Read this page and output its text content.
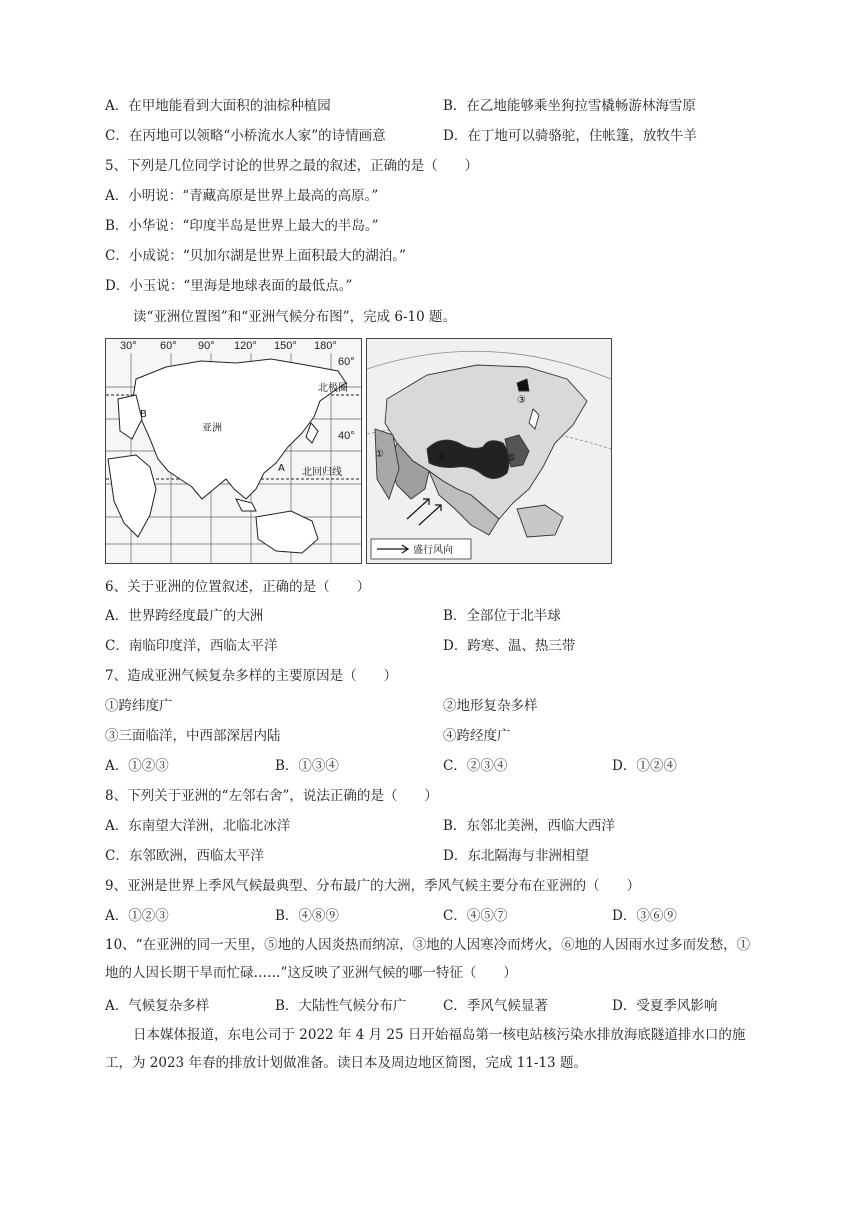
A．在甲地能看到大面积的油棕种植园	B．在乙地能够乘坐狗拉雪橇畅游林海雪原
C．在丙地可以领略“小桥流水人家”的诗情画意	D．在丁地可以骑骆驼，住帐篷，放牧牛羊
5、下列是几位同学讨论的世界之最的叙述，正确的是（　　）
A．小明说：“青藏高原是世界上最高的高原。”
B．小华说：“印度半岛是世界上最大的半岛。”
C．小成说：“贝加尔湖是世界上面积最大的湖泊。”
D．小玉说：“里海是地球表面的最低点。”
读“亚洲位置图”和“亚洲气候分布图”，完成 6-10 题。
30° 60° 90° 120° 150° 180°
60°
40°
亚洲
B
A
北极圈
北回归线
①	⑥	⑤
③
盛行风向
6、关于亚洲的位置叙述，正确的是（　　）
A．世界跨经度最广的大洲	B．全部位于北半球
C．南临印度洋，西临太平洋	D．跨寒、温、热三带
7、造成亚洲气候复杂多样的主要原因是（　　）
①跨纬度广	②地形复杂多样
③三面临洋，中西部深居内陆	④跨经度广
A．①②③	B．①③④	C．②③④	D．①②④
8、下列关于亚洲的“左邻右舍”，说法正确的是（　　）
A．东南望大洋洲，北临北冰洋	B．东邻北美洲，西临大西洋
C．东邻欧洲，西临太平洋	D．东北隔海与非洲相望
9、亚洲是世界上季风气候最典型、分布最广的大洲，季风气候主要分布在亚洲的（　　）
A．①②③	B．④⑧⑨	C．④⑤⑦	D．③⑥⑨
10、“在亚洲的同一天里，⑤地的人因炎热而纳凉，③地的人因寒冷而烤火，⑥地的人因雨水过多而发愁，①地的人因长期干旱而忙碌……”这反映了亚洲气候的哪一特征（　　）
A．气候复杂多样	B．大陆性气候分布广	C．季风气候显著	D．受夏季风影响
日本媒体报道，东电公司于 2022 年 4 月 25 日开始福岛第一核电站核污染水排放海底隧道排水口的施工，为 2023 年春的排放计划做准备。读日本及周边地区简图，完成 11-13 题。
